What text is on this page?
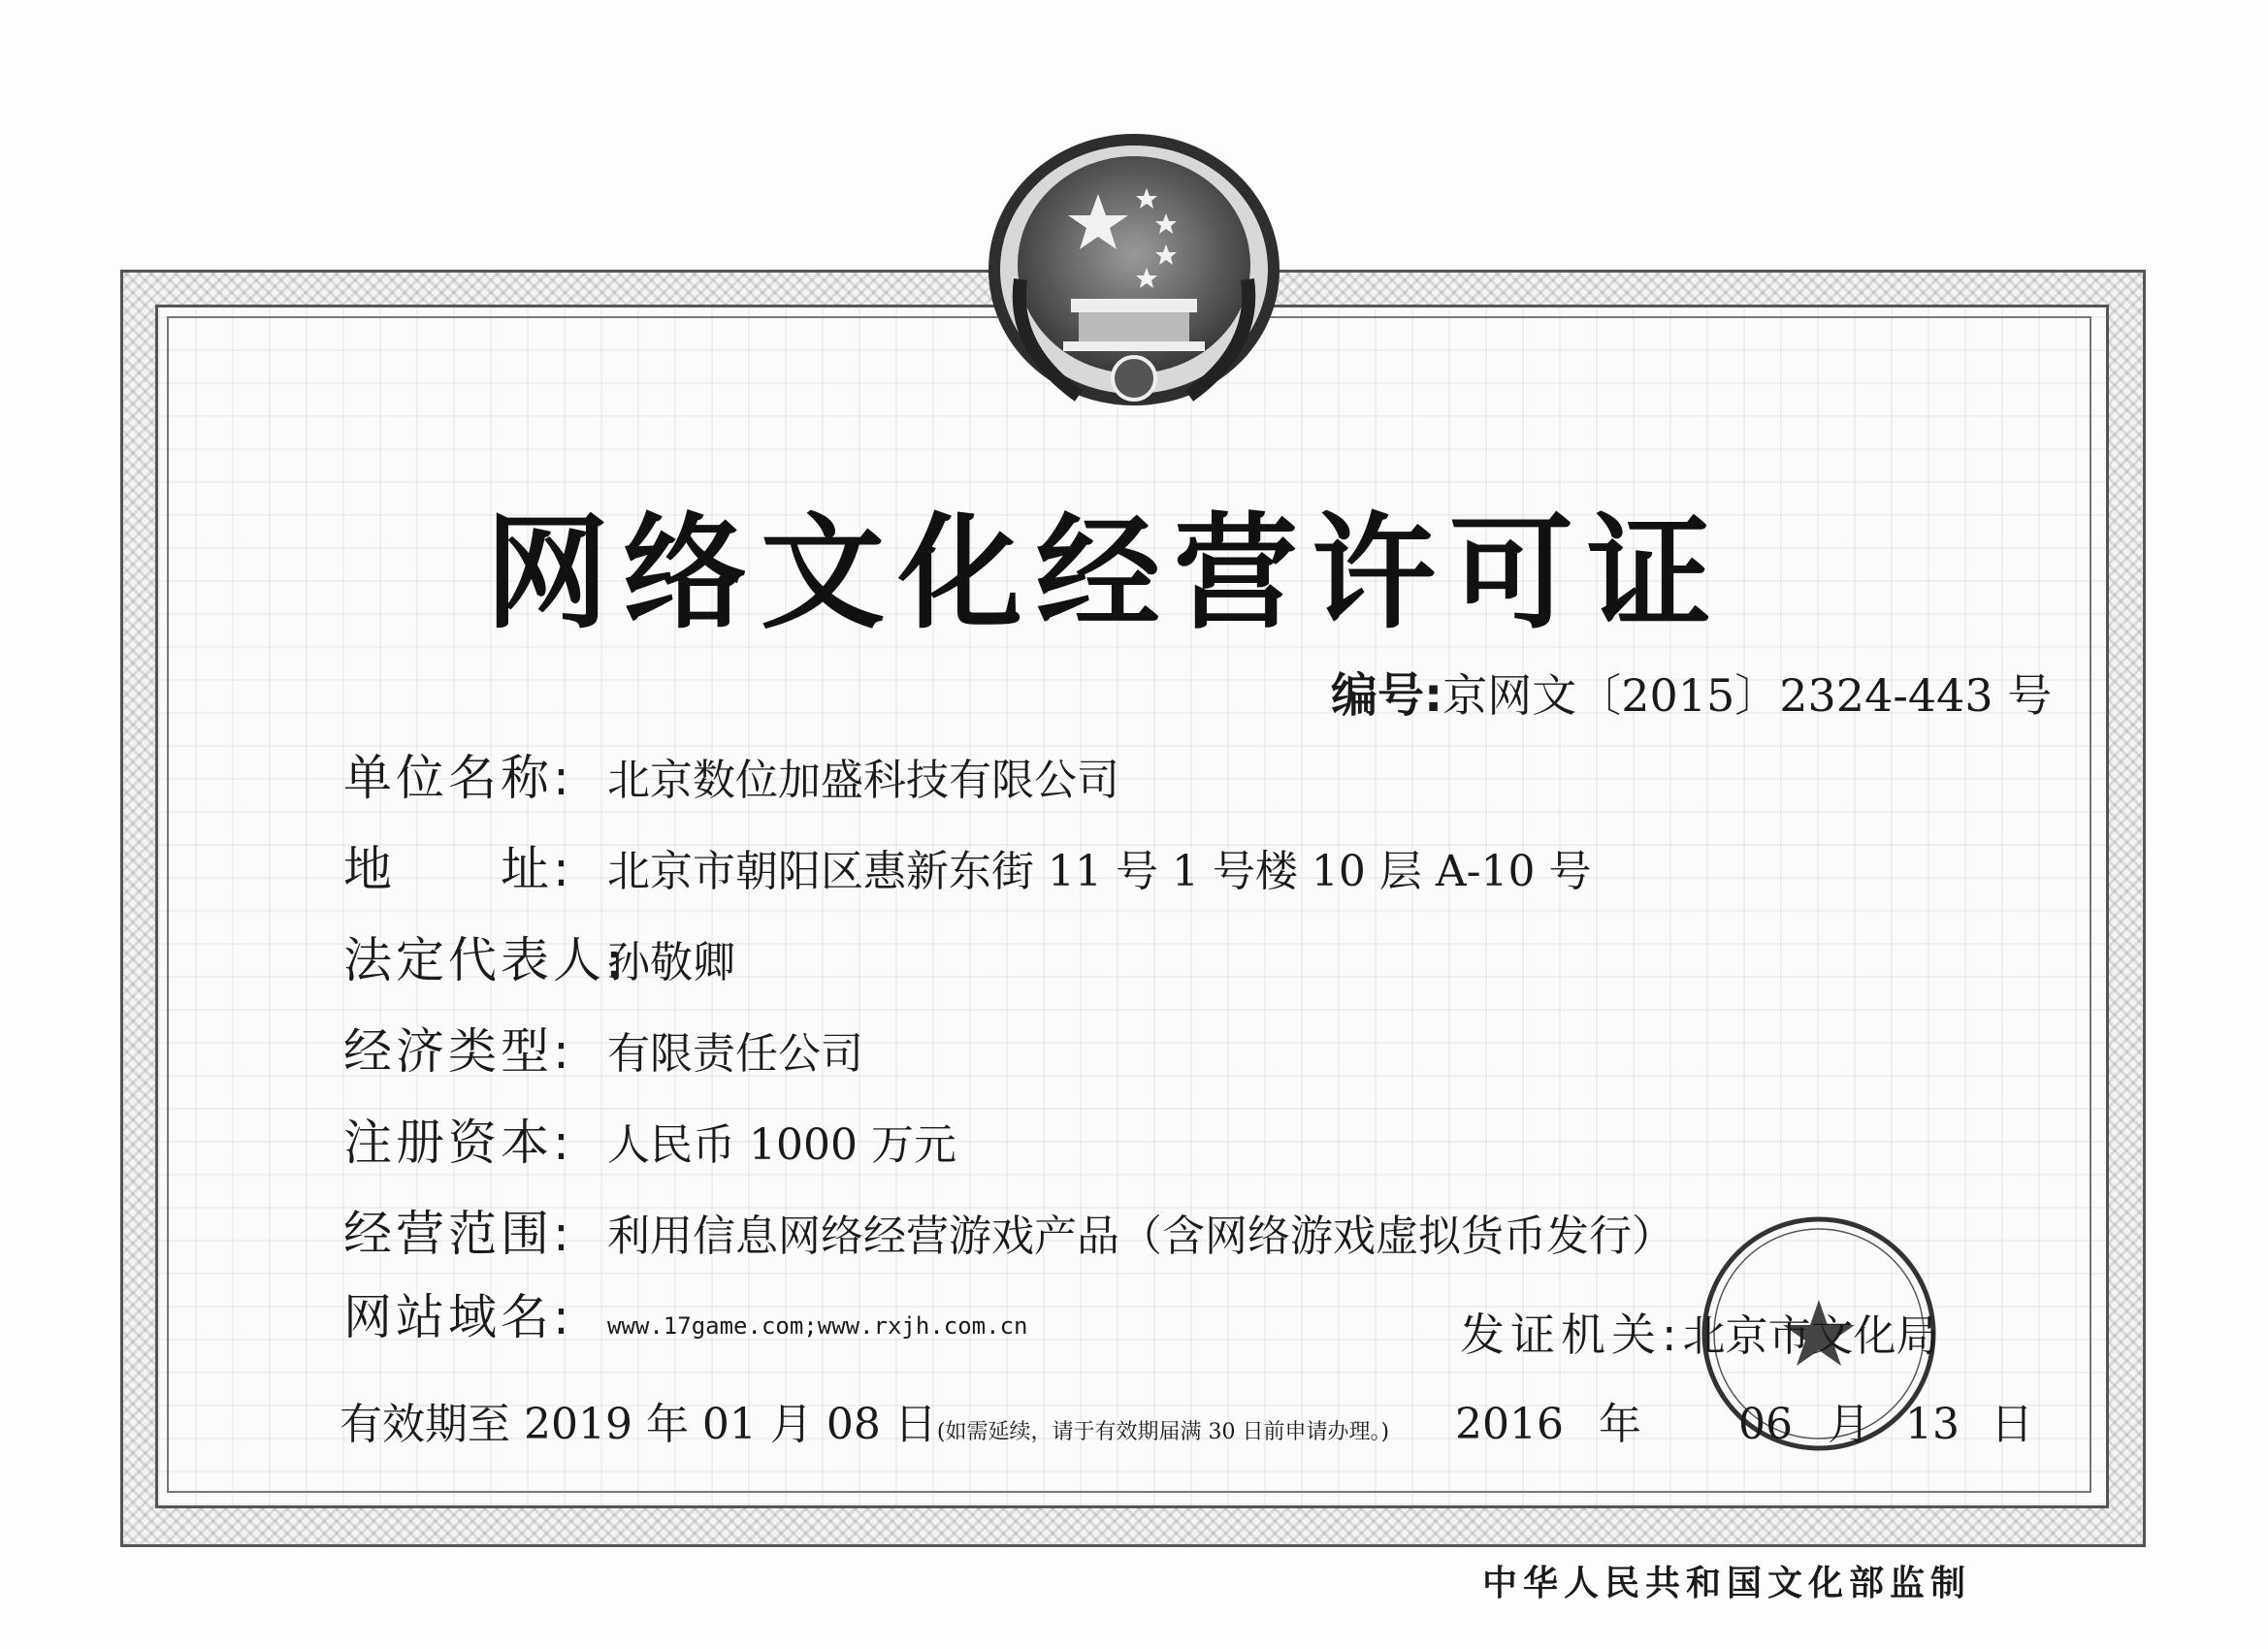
网络文化经营许可证
编号:京网文〔2015〕2324-443 号
单位名称: 北京数位加盛科技有限公司
地　　址: 北京市朝阳区惠新东街 11 号 1 号楼 10 层 A-10 号
法定代表人:孙敬卿
经济类型: 有限责任公司
注册资本: 人民币 1000 万元
经营范围: 利用信息网络经营游戏产品（含网络游戏虚拟货币发行）
网站域名: www.17game.com;www.rxjh.com.cn	发证机关:北京市文化局
有效期至 2019 年 01 月 08 日(如需延续，请于有效期届满 30 日前申请办理。) 2016 年 06 月 13 日
中华人民共和国文化部监制
